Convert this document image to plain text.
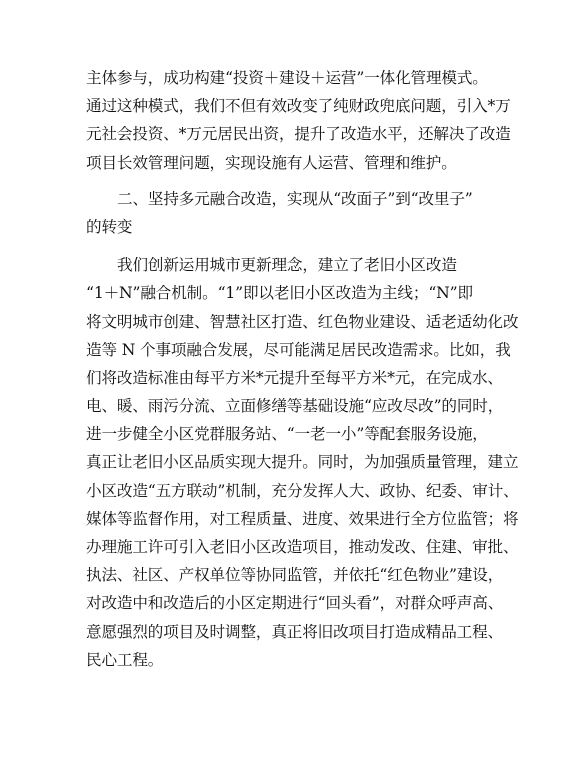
主体参与，成功构建“投资＋建设＋运营”一体化管理模式。
通过这种模式，我们不但有效改变了纯财政兜底问题，引入*万
元社会投资、*万元居民出资，提升了改造水平，还解决了改造
项目长效管理问题，实现设施有人运营、管理和维护。
二、坚持多元融合改造，实现从“改面子”到“改里子”
的转变
我们创新运用城市更新理念，建立了老旧小区改造
“1＋N”融合机制。“1”即以老旧小区改造为主线；“N”即
将文明城市创建、智慧社区打造、红色物业建设、适老适幼化改
造等 N 个事项融合发展，尽可能满足居民改造需求。比如，我
们将改造标准由每平方米*元提升至每平方米*元，在完成水、
电、暖、雨污分流、立面修缮等基础设施“应改尽改”的同时，
进一步健全小区党群服务站、“一老一小”等配套服务设施，
真正让老旧小区品质实现大提升。同时，为加强质量管理，建立
小区改造“五方联动”机制，充分发挥人大、政协、纪委、审计、
媒体等监督作用，对工程质量、进度、效果进行全方位监管；将
办理施工许可引入老旧小区改造项目，推动发改、住建、审批、
执法、社区、产权单位等协同监管，并依托“红色物业”建设，
对改造中和改造后的小区定期进行“回头看”，对群众呼声高、
意愿强烈的项目及时调整，真正将旧改项目打造成精品工程、
民心工程。
